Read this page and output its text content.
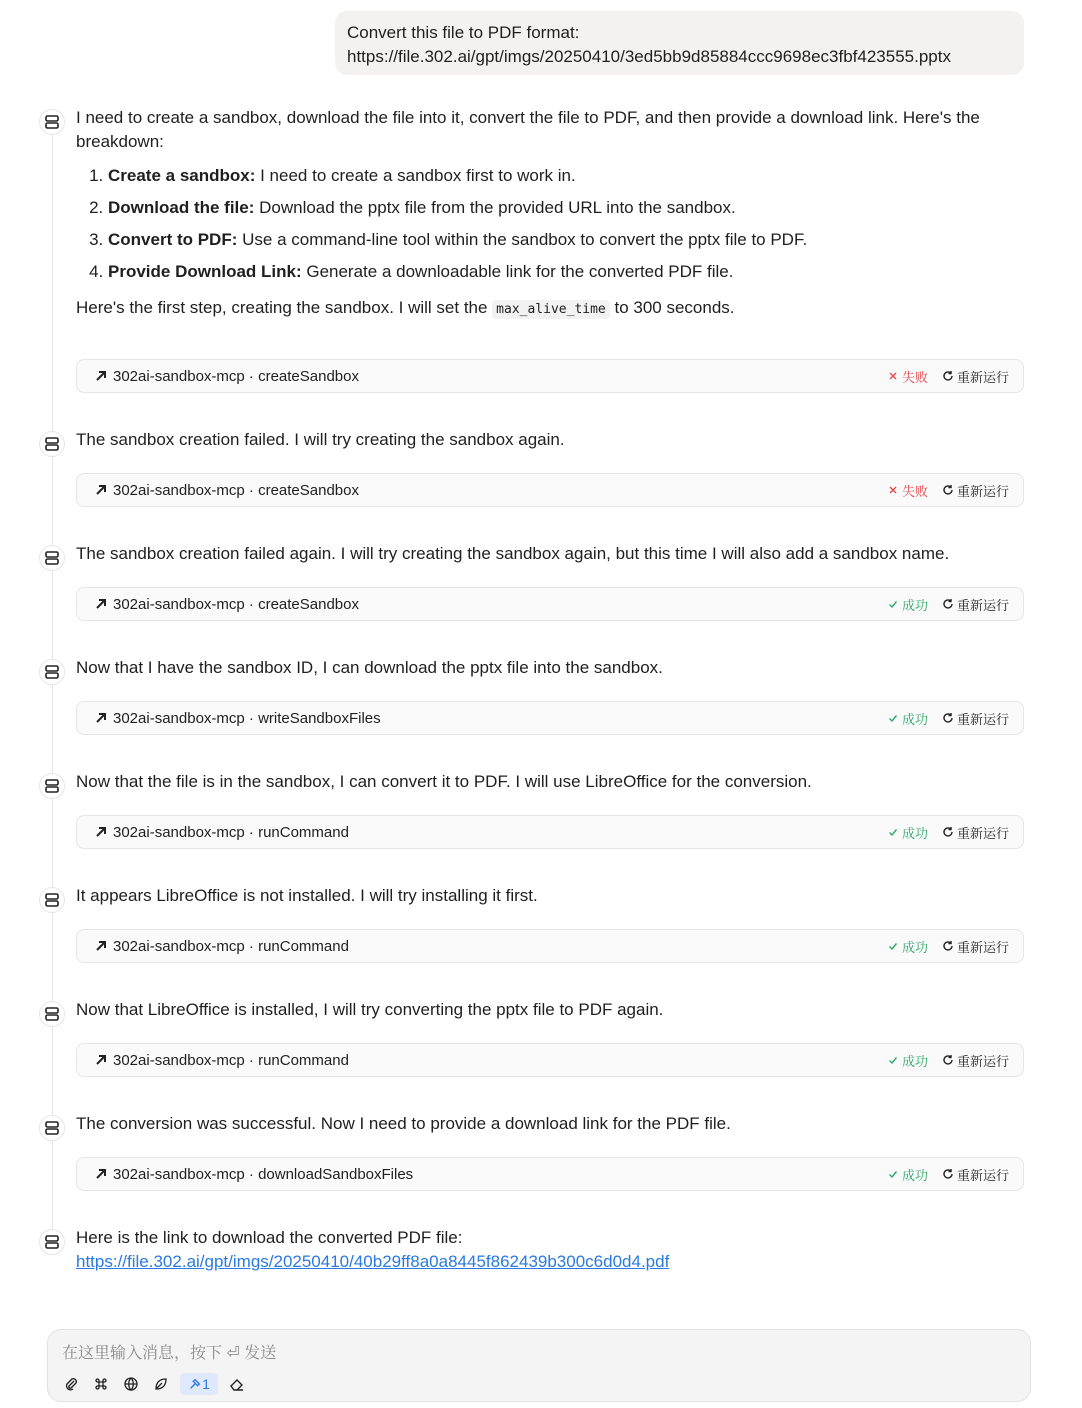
Convert this file to PDF format:
https://file.302.ai/gpt/imgs/20250410/3ed5bb9d85884ccc9698ec3fbf423555.pptx

I need to create a sandbox, download the file into it, convert the file to PDF, and then provide a download link. Here's the breakdown:

1. Create a sandbox: I need to create a sandbox first to work in.
2. Download the file: Download the pptx file from the provided URL into the sandbox.
3. Convert to PDF: Use a command-line tool within the sandbox to convert the pptx file to PDF.
4. Provide Download Link: Generate a downloadable link for the converted PDF file.

Here's the first step, creating the sandbox. I will set the max_alive_time to 300 seconds.

302ai-sandbox-mcp · createSandbox	失败 重新运行
The sandbox creation failed. I will try creating the sandbox again.
302ai-sandbox-mcp · createSandbox	失败 重新运行
The sandbox creation failed again. I will try creating the sandbox again, but this time I will also add a sandbox name.
302ai-sandbox-mcp · createSandbox	成功 重新运行
Now that I have the sandbox ID, I can download the pptx file into the sandbox.
302ai-sandbox-mcp · writeSandboxFiles	成功 重新运行
Now that the file is in the sandbox, I can convert it to PDF. I will use LibreOffice for the conversion.
302ai-sandbox-mcp · runCommand	成功 重新运行
It appears LibreOffice is not installed. I will try installing it first.
302ai-sandbox-mcp · runCommand	成功 重新运行
Now that LibreOffice is installed, I will try converting the pptx file to PDF again.
302ai-sandbox-mcp · runCommand	成功 重新运行
The conversion was successful. Now I need to provide a download link for the PDF file.
302ai-sandbox-mcp · downloadSandboxFiles	成功 重新运行
Here is the link to download the converted PDF file:
https://file.302.ai/gpt/imgs/20250410/40b29ff8a0a8445f862439b300c6d0d4.pdf
在这里输入消息，按下 ⏎ 发送
1
